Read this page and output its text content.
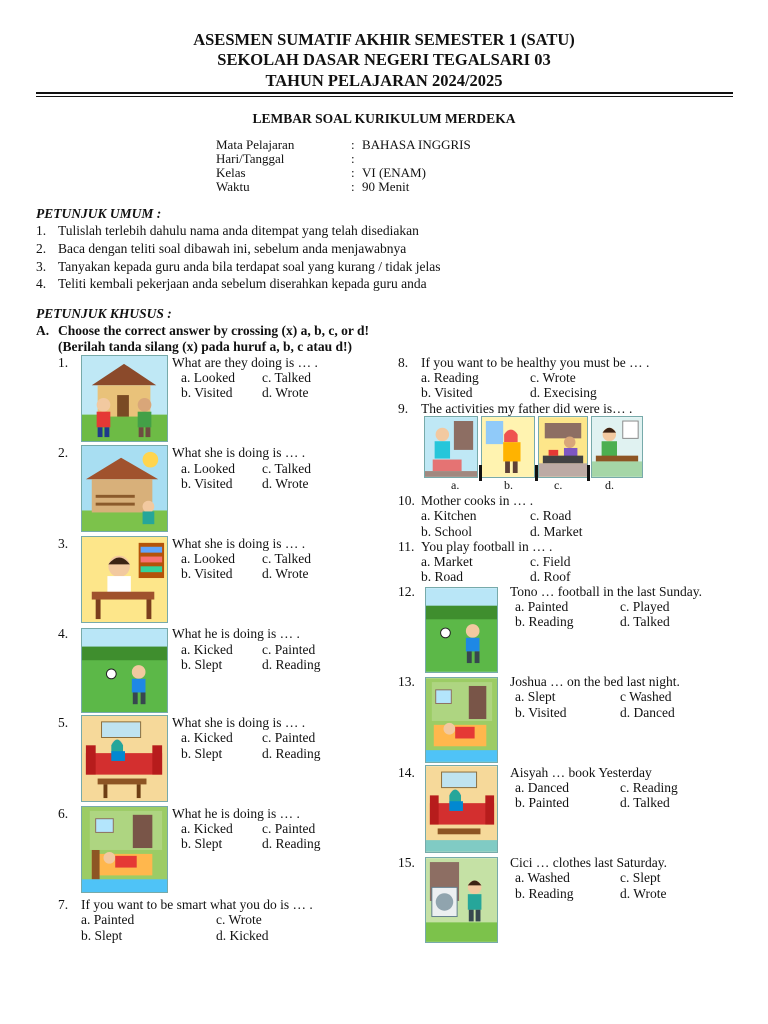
ASESMEN SUMATIF AKHIR SEMESTER 1 (SATU)
SEKOLAH DASAR NEGERI TEGALSARI 03
TAHUN PELAJARAN 2024/2025
LEMBAR SOAL KURIKULUM MERDEKA
Mata Pelajaran	: BAHASA INGGRIS
Hari/Tanggal	:
Kelas	: VI (ENAM)
Waktu	: 90 Menit
PETUNJUK UMUM :
1. Tulislah terlebih dahulu nama anda ditempat yang telah disediakan
2. Baca dengan teliti soal dibawah ini, sebelum anda menjawabnya
3. Tanyakan kepada guru anda bila terdapat soal yang kurang / tidak jelas
4. Teliti kembali pekerjaan anda sebelum diserahkan kepada guru anda
PETUNJUK KHUSUS :
A. Choose the correct answer by crossing (x) a, b, c, or d!
(Berilah tanda silang (x) pada huruf a, b, c atau d!)
1.	What are they doing is … .
a. Looked c. Talked
b. Visited d. Wrote
2.	What she is doing is … .
a. Looked c. Talked
b. Visited d. Wrote
3.	What she is doing is … .
a. Looked c. Talked
b. Visited d. Wrote
4.	What he is doing is … .
a. Kicked c. Painted
b. Slept	d. Reading
5.	What she is doing is … .
a. Kicked c. Painted
b. Slept	d. Reading
6.	What he is doing is … .
a. Kicked c. Painted
b. Slept	d. Reading
7. If you want to be smart what you do is … .
a. Painted	c. Wrote
b. Slept	d. Kicked
8. If you want to be healthy you must be … .
a. Reading	c. Wrote
b. Visited	d. Execising
9. The activities my father did were is… .
a.	b.	c.	d.
10. Mother cooks in … .
a. Kitchen	c. Road
b. School	d. Market
11. You play football in … .
a. Market	c. Field
b. Road	d. Roof
12.	Tono … football in the last Sunday.
a. Painted	c. Played
b. Reading	d. Talked
13.	Joshua … on the bed last night.
a. Slept	c Washed
b. Visited	d. Danced
14.	Aisyah … book Yesterday
a. Danced	c. Reading
b. Painted	d. Talked
15.	Cici … clothes last Saturday.
a. Washed	c. Slept
b. Reading	d. Wrote
